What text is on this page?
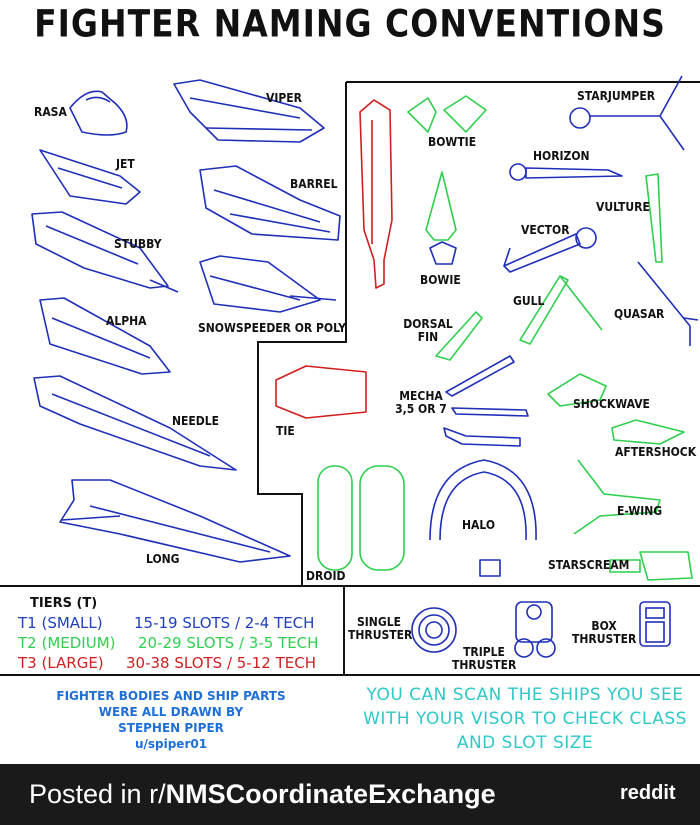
FIGHTER NAMING CONVENTIONS
RASA
VIPER
JET
BARREL
STUBBY
SNOWSPEEDER OR POLY
ALPHA
NEEDLE
LONG
DROID
TIE
BOWTIE
BOWIE
DORSAL
FIN
MECHA
3,5 OR 7
STARJUMPER
HORIZON
VULTURE
VECTOR
GULL
QUASAR
SHOCKWAVE
AFTERSHOCK
E-WING
HALO
STARSCREAM
TIERS (T)
T1 (SMALL) 15-19 SLOTS / 2-4 TECH
T2 (MEDIUM) 20-29 SLOTS / 3-5 TECH
T3 (LARGE) 30-38 SLOTS / 5-12 TECH
SINGLE
THRUSTER
TRIPLE
THRUSTER
BOX
THRUSTER
FIGHTER BODIES AND SHIP PARTS
WERE ALL DRAWN BY
STEPHEN PIPER
u/spiper01
YOU CAN SCAN THE SHIPS YOU SEE
WITH YOUR VISOR TO CHECK CLASS
AND SLOT SIZE
Posted in r/NMSCoordinateExchange	reddit
